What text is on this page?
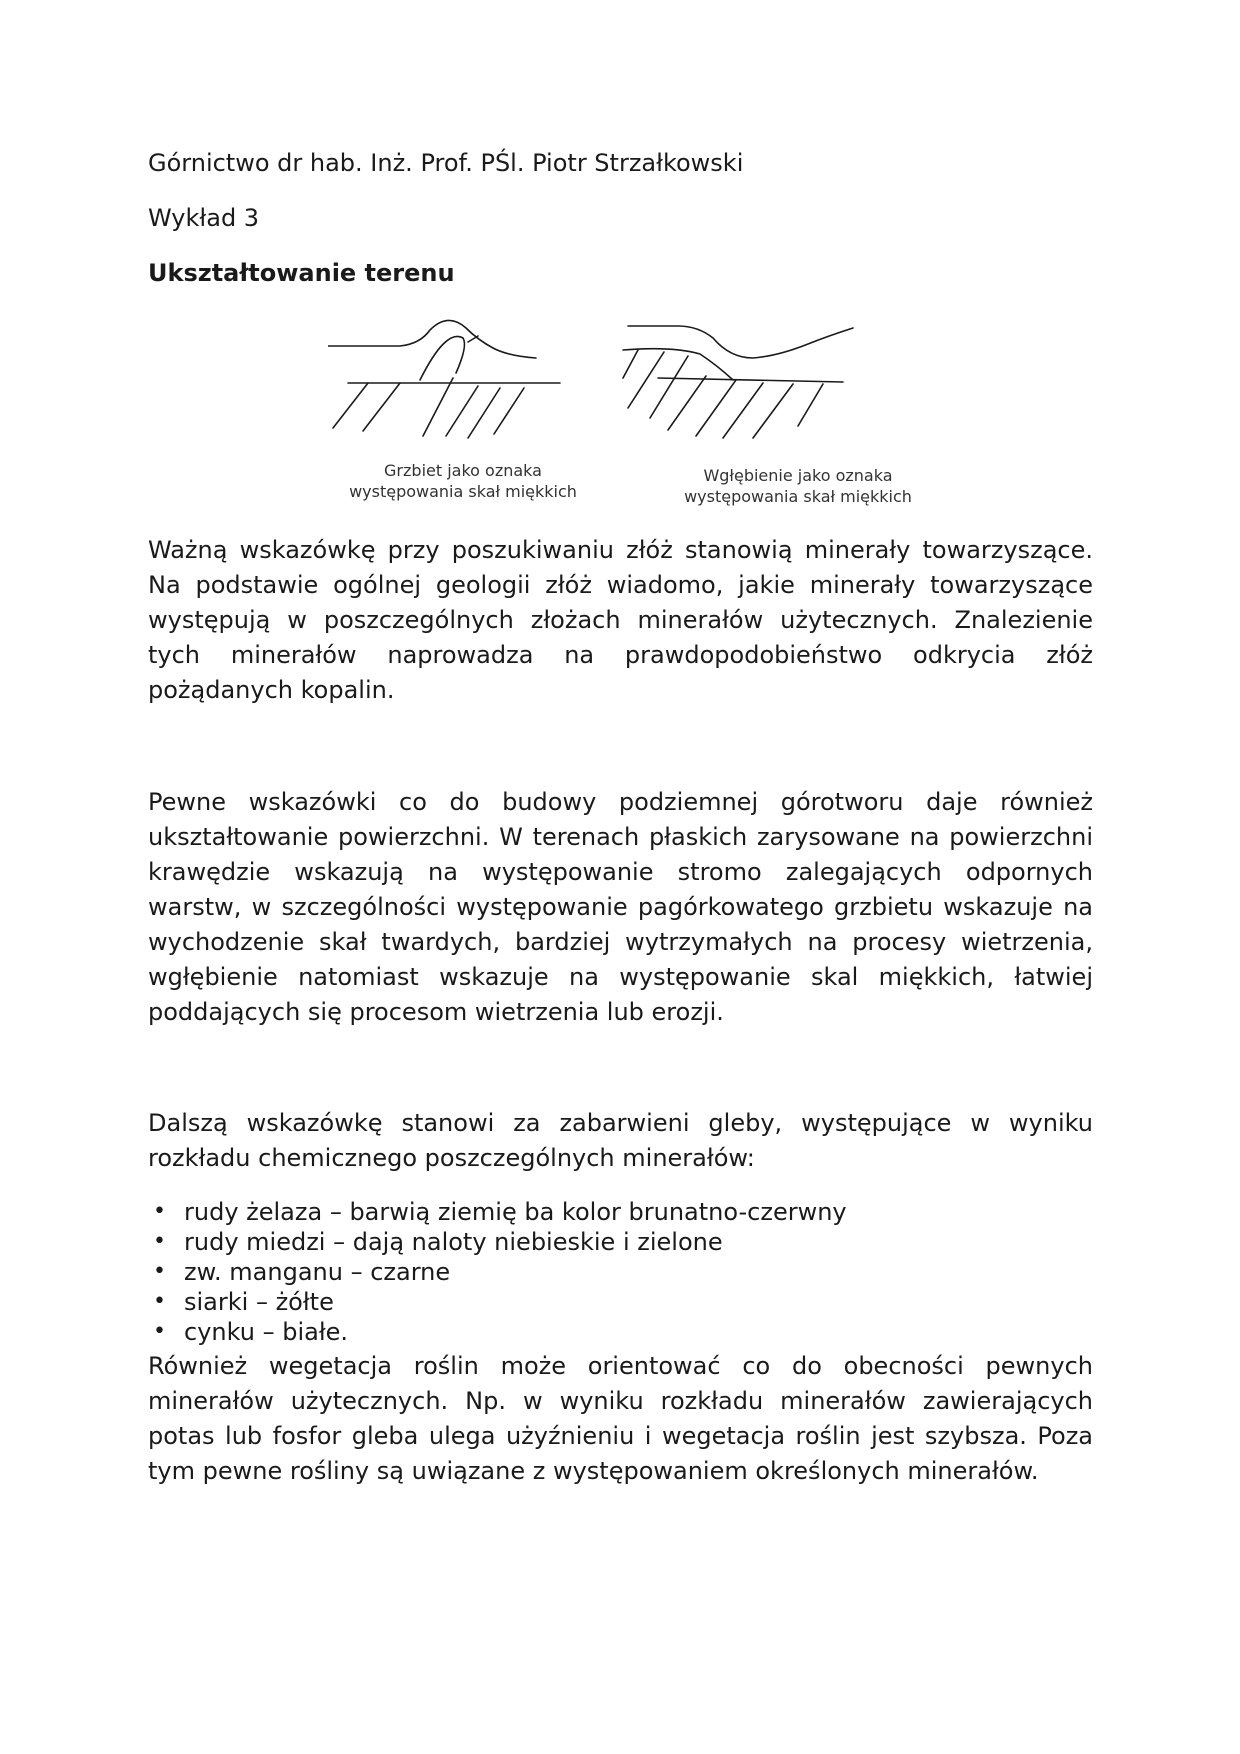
Górnictwo dr hab. Inż. Prof. PŚl. Piotr Strzałkowski
Wykład 3
Ukształtowanie terenu
Grzbiet jako oznaka
występowania skał miękkich
Wgłębienie jako oznaka
występowania skał miękkich
Ważną wskazówkę przy poszukiwaniu złóż stanowią minerały towarzyszące. Na podstawie ogólnej geologii złóż wiadomo, jakie minerały towarzyszące występują w poszczególnych złożach minerałów użytecznych. Znalezienie tych minerałów naprowadza na prawdopodobieństwo odkrycia złóż pożądanych kopalin.
Pewne wskazówki co do budowy podziemnej górotworu daje również ukształtowanie powierzchni. W terenach płaskich zarysowane na powierzchni krawędzie wskazują na występowanie stromo zalegających odpornych warstw, w szczególności występowanie pagórkowatego grzbietu wskazuje na wychodzenie skał twardych, bardziej wytrzymałych na procesy wietrzenia, wgłębienie natomiast wskazuje na występowanie skal miękkich, łatwiej poddających się procesom wietrzenia lub erozji.
Dalszą wskazówkę stanowi za zabarwieni gleby, występujące w wyniku rozkładu chemicznego poszczególnych minerałów:
• rudy żelaza – barwią ziemię ba kolor brunatno-czerwny
• rudy miedzi – dają naloty niebieskie i zielone
• zw. manganu – czarne
• siarki – żółte
• cynku – białe.
Również wegetacja roślin może orientować co do obecności pewnych minerałów użytecznych. Np. w wyniku rozkładu minerałów zawierających potas lub fosfor gleba ulega użyźnieniu i wegetacja roślin jest szybsza. Poza tym pewne rośliny są uwiązane z występowaniem określonych minerałów.
